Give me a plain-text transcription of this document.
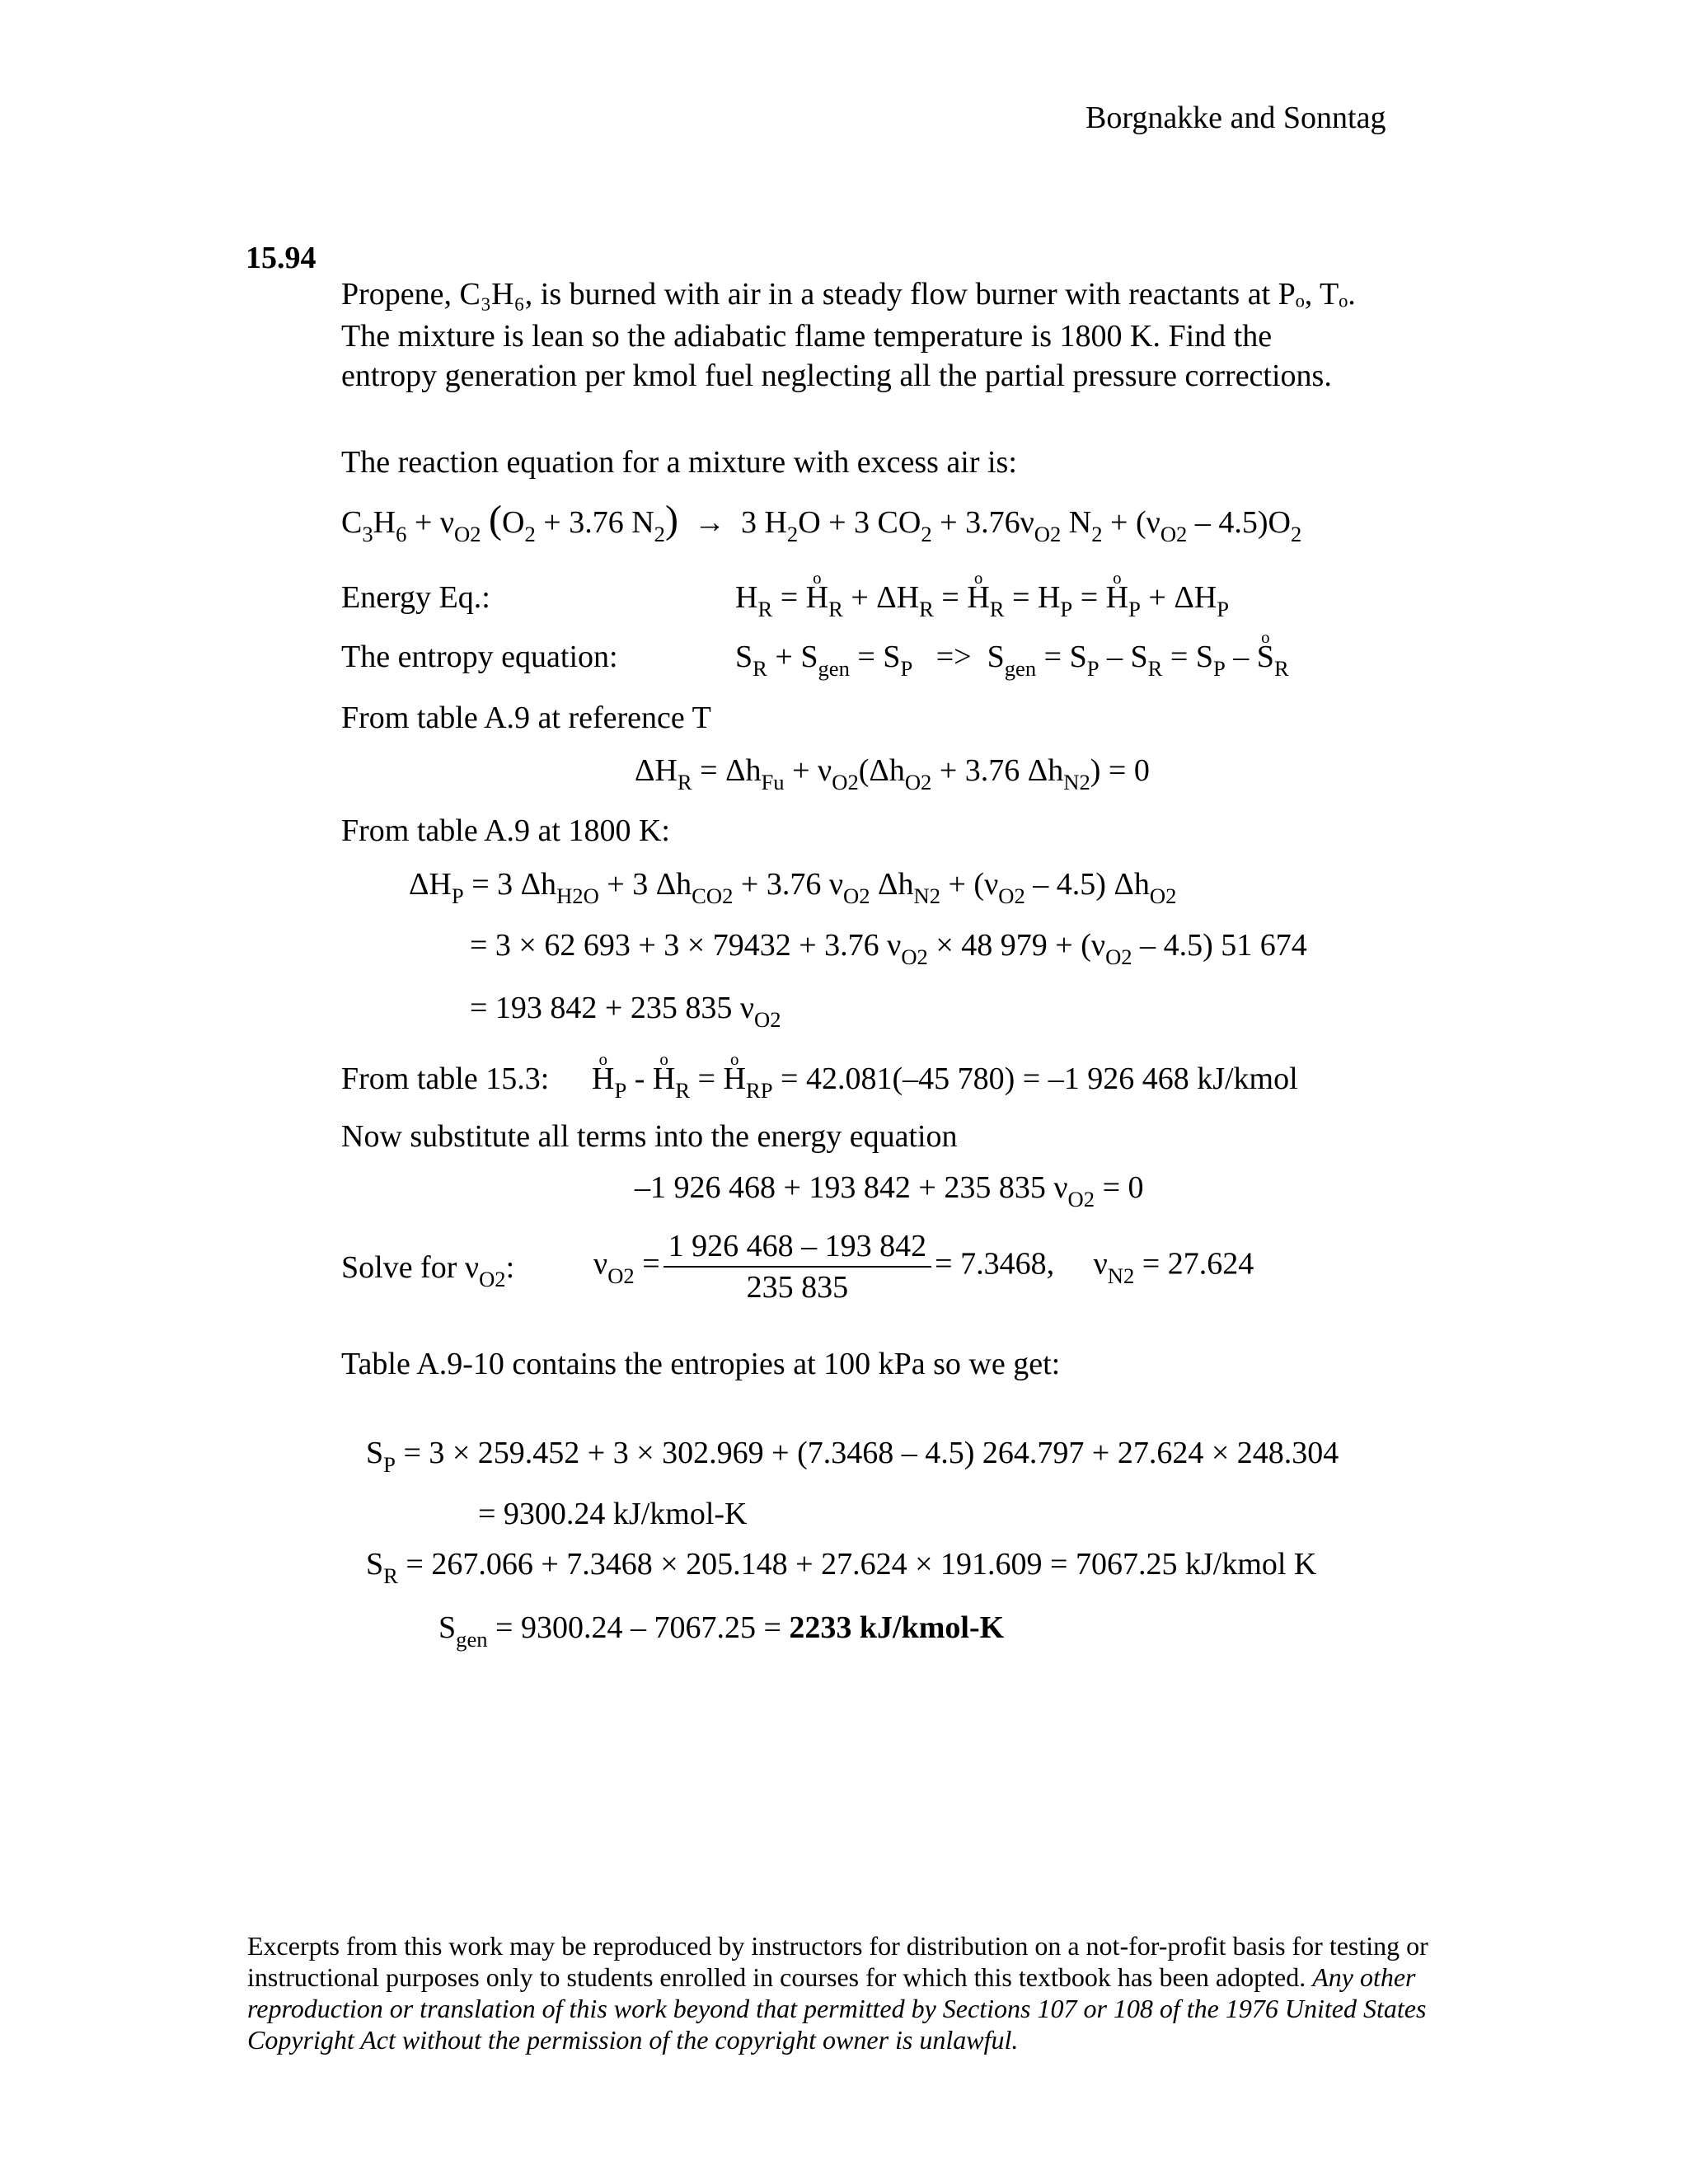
Borgnakke and Sonntag
15.94
Propene, C₃H₆, is burned with air in a steady flow burner with reactants at Pₒ, Tₒ.
The mixture is lean so the adiabatic flame temperature is 1800 K. Find the
entropy generation per kmol fuel neglecting all the partial pressure corrections.
The reaction equation for a mixture with excess air is:
$C_3H_6 + \nu_{O2}$ ($O_2 + 3.76$ $N_2) \to 3$ $H_2O + 3$ $CO_2 + 3.76\nu_{O2}$ $N_2 + (\nu_{O2} - 4.5)O_2$
Energy Eq.:	$H_R = o$ $H_R + \Delta H_R = o$ $H_R = H_P = o$ $H_P + \Delta H_P$
The entropy equation:	$S_R + S_{gen} = S_P => S_{gen} = S_P - S_R = S_P - o$ $S_R$
From table A.9 at reference T
$\Delta H_R = \Delta h_{Fu} + \nu_{O2}(\Delta h_{O2} + 3.76$ $\Delta h_{N2}) = 0$
From table A.9 at 1800 K:
$\Delta H_P = 3$ $\Delta h_{H2O} + 3$ $\Delta h_{CO2} + 3.76$ $\nu_{O2}$ $\Delta h_{N2} + (\nu_{O2} - 4.5)$ $\Delta h_{O2}$
= 3 × 62 693 + 3 × 79432 + 3.76 $\nu_{O2} \times 48$ $979 + (\nu_{O2} - 4.5)$ 51 674
= 193 842 + 235 835 $\nu_{O2}$
From table 15.3:
o $H_P$ - o $H_R = o$ $H_{RP} = 42.081(-45$ 780) = –1 926 468 kJ/kmol
Now substitute all terms into the energy equation
–1 926 468 + 193 842 + 235 835 $\nu_{O2} = 0$
Solve for $\nu_{O2}$:	$\nu_{O2} = \frac{1 926 468 - 193 842}{235 835} = 7.3468$,     $\nu_{N2} = 27.624$
Table A.9-10 contains the entropies at 100 kPa so we get:
$S_P = 3 \times 259.452 + 3 \times 302.969 + (7.3468 - 4.5) 264.797 + 27.624 \times 248.304$
= 9300.24 kJ/kmol-K
$S_R = 267.066 + 7.3468 \times 205.148 + 27.624 \times 191.609 = 7067.25$ kJ/kmol K
$S_{gen} = 9300.24 - 7067.25 = 2233$ kJ/kmol-K
Excerpts from this work may be reproduced by instructors for distribution on a not-for-profit basis for testing or instructional purposes only to students enrolled in courses for which this textbook has been adopted. Any other reproduction or translation of this work beyond that permitted by Sections 107 or 108 of the 1976 United States Copyright Act without the permission of the copyright owner is unlawful.
